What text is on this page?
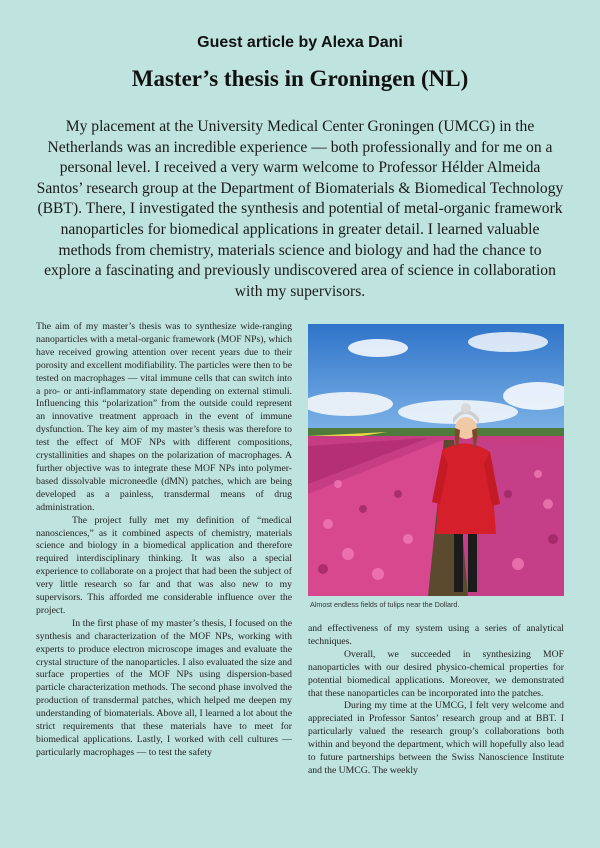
Guest article by Alexa Dani
Master’s thesis in Groningen (NL)
My placement at the University Medical Center Groningen (UMCG) in the Netherlands was an incredible experience — both professionally and for me on a personal level. I received a very warm welcome to Professor Hélder Almeida Santos’ research group at the Department of Biomaterials & Biomedical Technology (BBT). There, I investigated the synthesis and potential of metal-organic framework nanoparticles for biomedical applications in greater detail. I learned valuable methods from chemistry, materials science and biology and had the chance to explore a fascinating and previously undiscovered area of science in collaboration with my supervisors.

The aim of my master’s thesis was to synthesize wide-ranging nanoparticles with a metal-organic framework (MOF NPs), which have received growing attention over recent years due to their porosity and excellent modifiability. The particles were then to be tested on macrophages — vital immune cells that can switch into a pro- or anti-inflammatory state depending on external stimuli. Influencing this “polarization” from the outside could represent an innovative treatment approach in the event of immune dysfunction. The key aim of my master’s thesis was therefore to test the effect of MOF NPs with different compositions, crystallinities and shapes on the polarization of macrophages. A further objective was to integrate these MOF NPs into polymer-based dissolvable microneedle (dMN) patches, which are being developed as a painless, transdermal means of drug administration.

The project fully met my definition of “medical nanosciences,” as it combined aspects of chemistry, materials science and biology in a biomedical application and therefore required interdisciplinary thinking. It was also a special experience to collaborate on a project that had been the subject of very little research so far and that was also new to my supervisors. This afforded me considerable influence over the project.

In the first phase of my master’s thesis, I focused on the synthesis and characterization of the MOF NPs, working with experts to produce electron microscope images and evaluate the crystal structure of the nanoparticles. I also evaluated the size and surface properties of the MOF NPs using dispersion-based particle characterization methods. The second phase involved the production of transdermal patches, which helped me deepen my understanding of biomaterials. Above all, I learned a lot about the strict requirements that these materials have to meet for biomedical applications. Lastly, I worked with cell cultures — particularly macrophages — to test the safety

Almost endless fields of tulips near the Dollard.

and effectiveness of my system using a series of analytical techniques.

Overall, we succeeded in synthesizing MOF nanoparticles with our desired physico-chemical properties for potential biomedical applications. Moreover, we demonstrated that these nanoparticles can be incorporated into the patches.

During my time at the UMCG, I felt very welcome and appreciated in Professor Santos’ research group and at BBT. I particularly valued the research group’s collaborations both within and beyond the department, which will hopefully also lead to future partnerships between the Swiss Nanoscience Institute and the UMCG. The weekly
